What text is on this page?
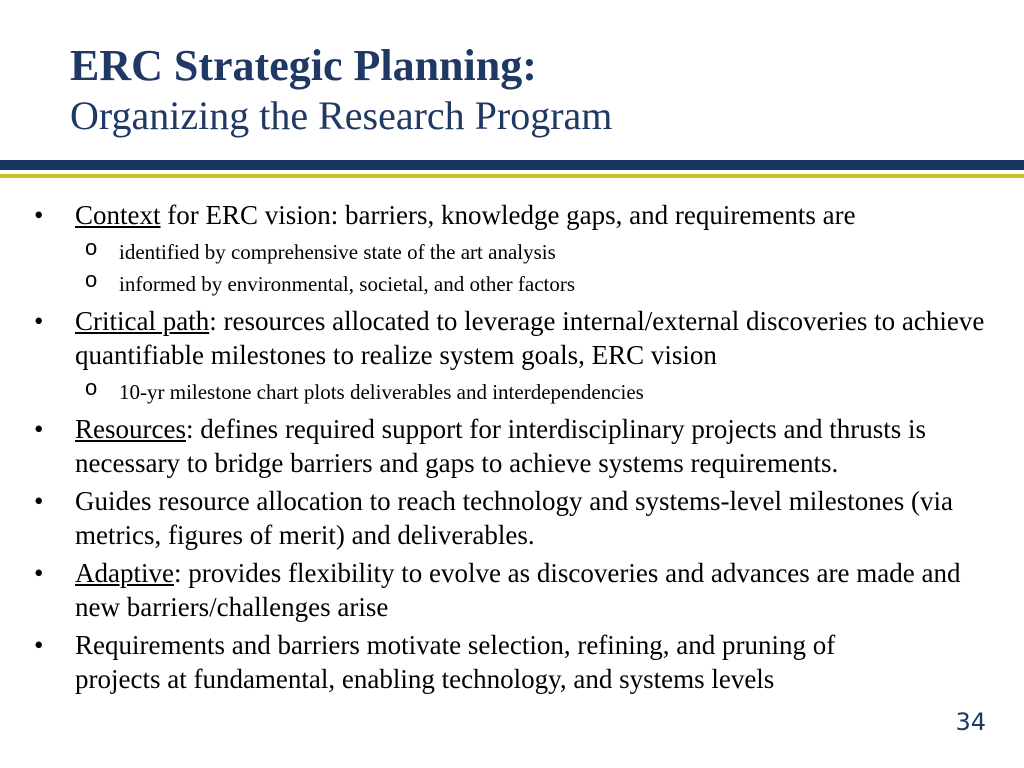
ERC Strategic Planning:
Organizing the Research Program
• Context for ERC vision: barriers, knowledge gaps, and requirements are
o identified by comprehensive state of the art analysis
o informed by environmental, societal, and other factors
• Critical path: resources allocated to leverage internal/external discoveries to achieve quantifiable milestones to realize system goals, ERC vision
o 10-yr milestone chart plots deliverables and interdependencies
• Resources: defines required support for interdisciplinary projects and thrusts is necessary to bridge barriers and gaps to achieve systems requirements.
• Guides resource allocation to reach technology and systems-level milestones (via metrics, figures of merit) and deliverables.
• Adaptive: provides flexibility to evolve as discoveries and advances are made and new barriers/challenges arise
• Requirements and barriers motivate selection, refining, and pruning of projects at fundamental, enabling technology, and systems levels
34
